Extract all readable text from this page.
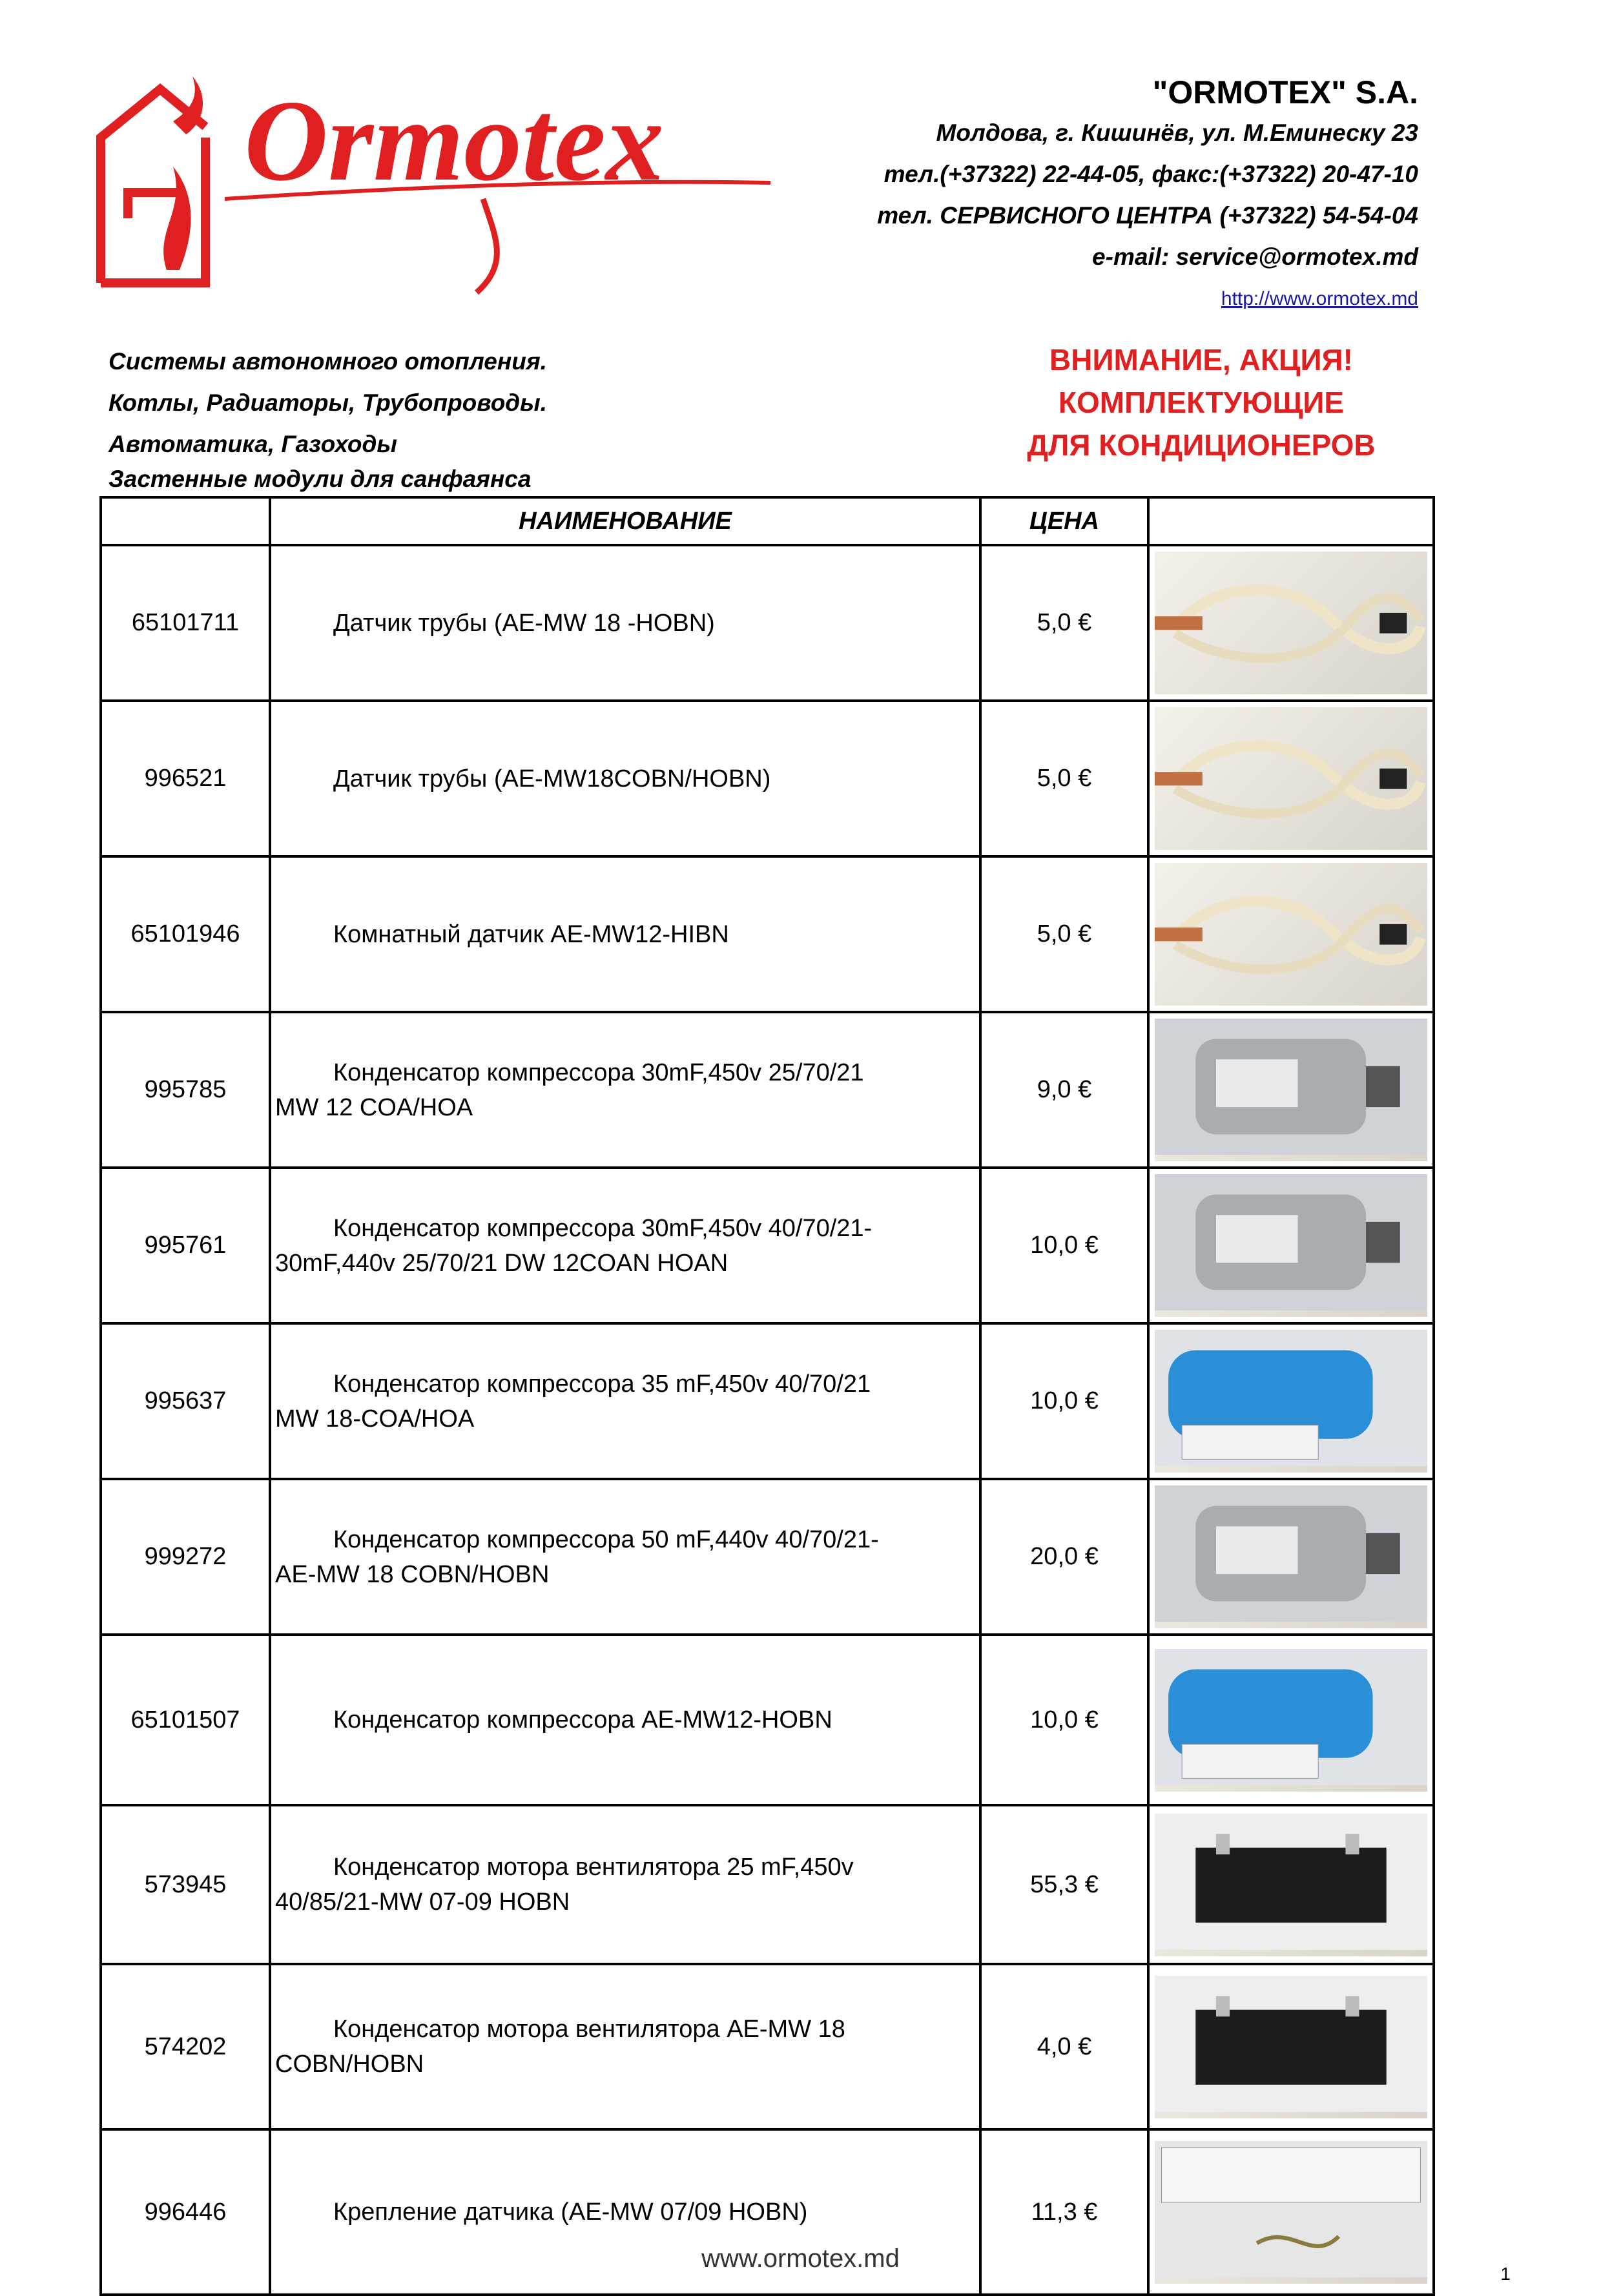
Ormotex	"ORMOTEX" S.A.
Молдова, г. Кишинёв, ул. М.Еминеску 23
тел.(+37322) 22-44-05, факс:(+37322) 20-47-10
тел. СЕРВИСНОГО ЦЕНТРА (+37322) 54-54-04
e-mail: service@ormotex.md
http://www.ormotex.md
Системы автономного отопления.
Котлы, Радиаторы, Трубопроводы.
Автоматика, Газоходы
Застенные модули для санфаянса
ВНИМАНИЕ, АКЦИЯ!
КОМПЛЕКТУЮЩИЕ
ДЛЯ КОНДИЦИОНЕРОВ
	НАИМЕНОВАНИЕ	ЦЕНА	
65101711	Датчик трубы (AE-MW 18 -HOBN)	5,0 €	

996521	Датчик трубы (AE-MW18COBN/HOBN)	5,0 €	

65101946	Комнатный датчик AE-MW12-HIBN	5,0 €	

995785	Конденсатор компрессора 30mF,450v 25/70/21
MW 12 COA/HOA	9,0 €	

995761	Конденсатор компрессора 30mF,450v 40/70/21-
30mF,440v 25/70/21 DW 12COAN HOAN	10,0 €	

995637	Конденсатор компрессора 35 mF,450v 40/70/21
MW 18-COA/HOA	10,0 €	

999272	Конденсатор компрессора 50 mF,440v 40/70/21-
AE-MW 18 COBN/HOBN	20,0 €	

65101507	Конденсатор компрессора AE-MW12-HOBN	10,0 €	

573945	Конденсатор мотора вентилятора 25 mF,450v
40/85/21-MW 07-09 HOBN	55,3 €	

574202	Конденсатор мотора вентилятора AE-MW 18
COBN/HOBN	4,0 €	

996446	Крепление датчика (AE-MW 07/09 HOBN)	11,3 €	
www.ormotex.md
1
